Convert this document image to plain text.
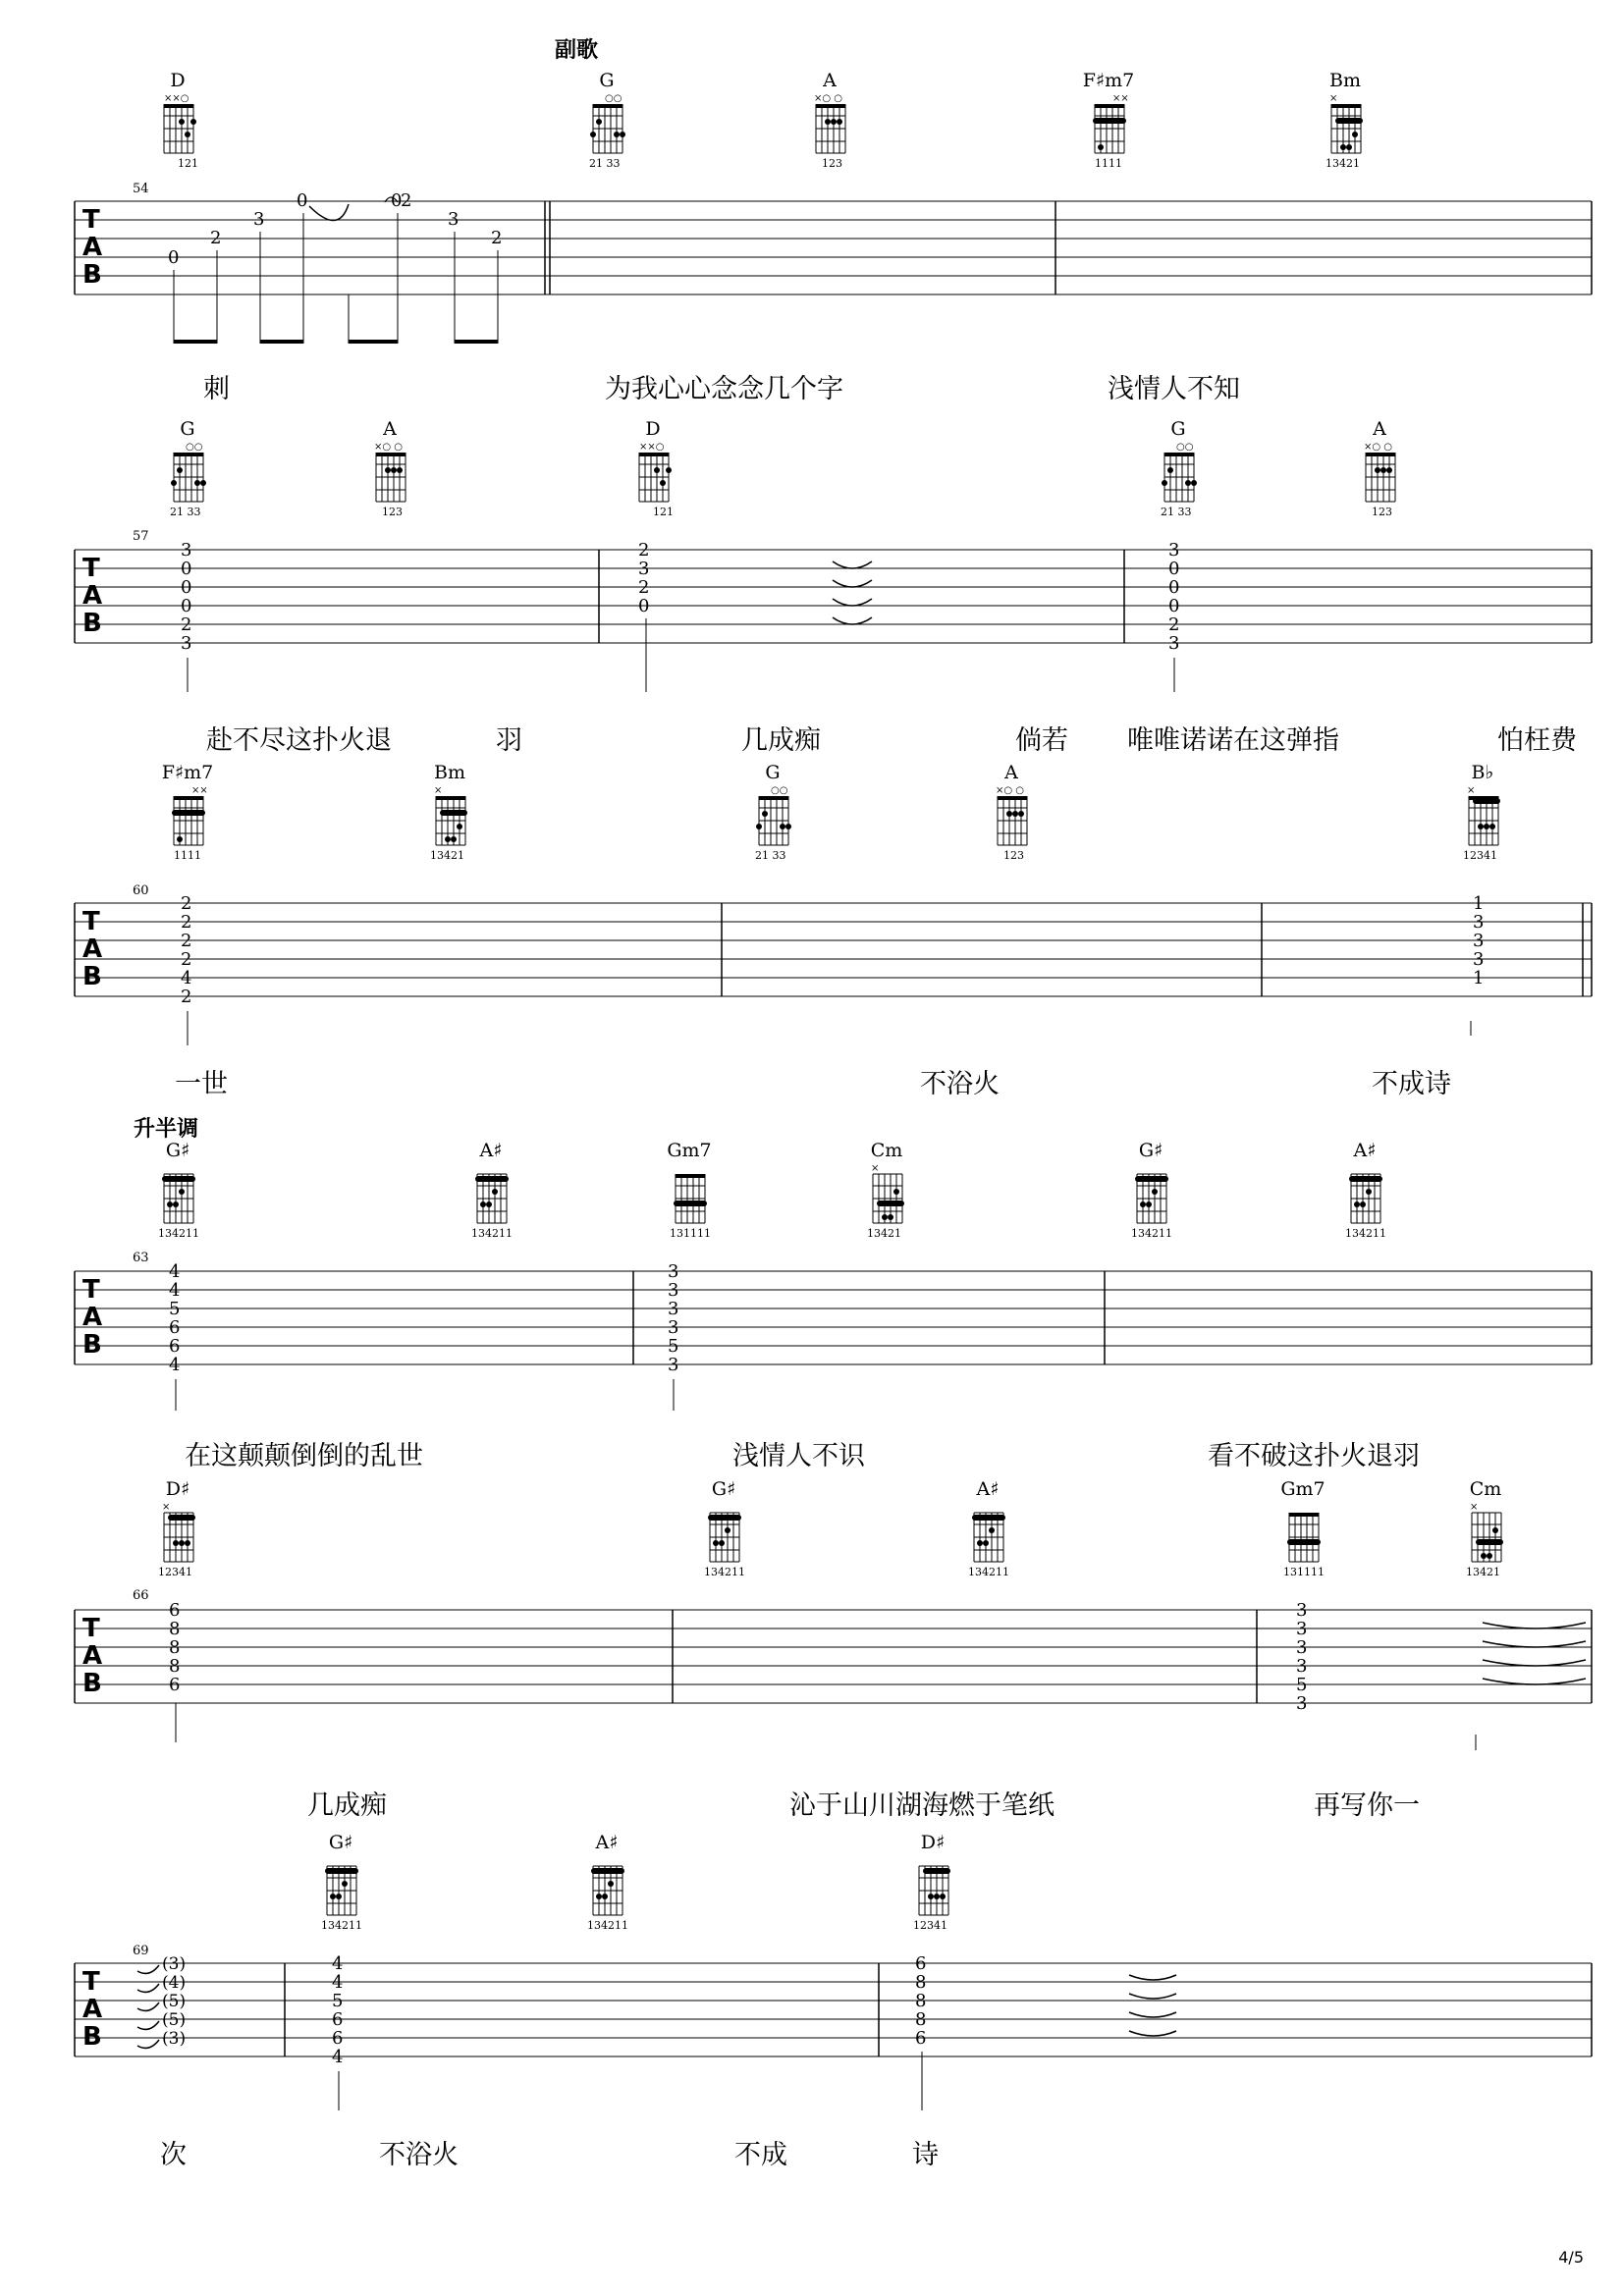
副歌
D
××○
121
G
○○
21 33
A
×○ ○
123
F♯m7
××
1111
Bm
×
13421
54
T
A
B
0
2
3
0	0
2
3
2
刺	为我心心念念几个字	浅情人不知
G
○○
21 33
A
×○ ○
123
D
××○
121
G
○○
21 33
A
×○ ○
123
57
T
A
B
3
0
0
0
2
3
2
3
2
0
3
0
0
0
2
3
赴不尽这扑火退	羽	几成痴	倘若 唯唯诺诺在这弹指	怕枉费
F♯m7
××
1111
Bm
×
13421
G
○○
21 33
A
×○ ○
123
B♭
×
12341
60
T
A
B
2
2
2
2
4
2
1
3
3
3
1
一世	不浴火	不成诗
升半调
G♯
134211
A♯
134211
Gm7
131111
Cm
×
13421
G♯
134211
A♯
134211
63
T
A
B
4
4
5
6
6
4
3
3
3
3
5
3
在这颠颠倒倒的乱世	浅情人不识	看不破这扑火退羽
D♯
×
12341
G♯
134211
A♯
134211
Gm7
131111
Cm
×
13421
66
T
A
B
6
8
8
8
6
3
3
3
3
5
3
几成痴	沁于山川湖海燃于笔纸	再写你一
G♯
134211
A♯
134211
D♯
12341
69
T
A
B
(3)
(4)
(5)
(5)
(3)
4
4
5
6
6
4
6
8
8
8
6
次	不浴火	不成	诗
4/5
